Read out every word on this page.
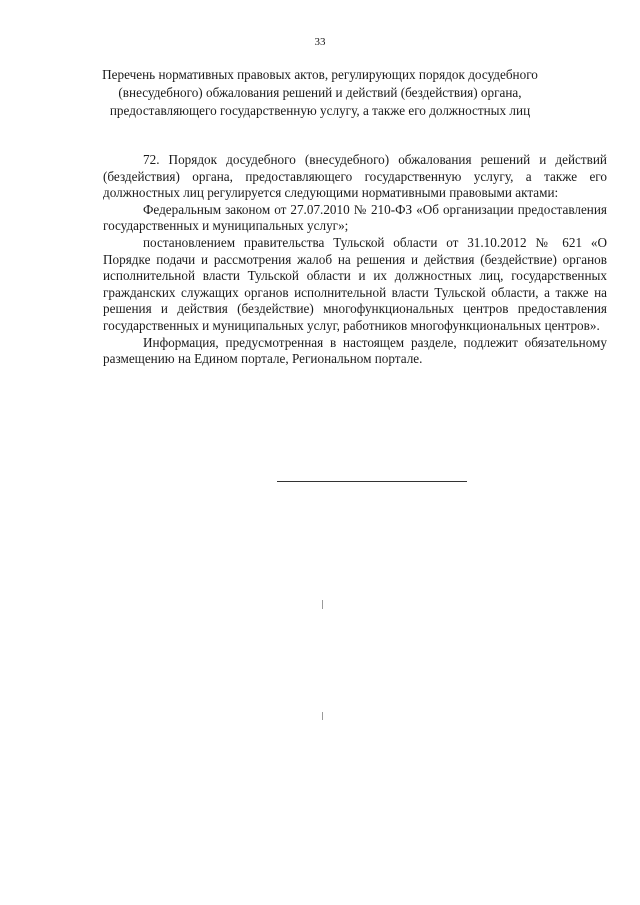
33
Перечень нормативных правовых актов, регулирующих порядок досудебного (внесудебного) обжалования решений и действий (бездействия) органа, предоставляющего государственную услугу, а также его должностных лиц

72. Порядок досудебного (внесудебного) обжалования решений и действий (бездействия) органа, предоставляющего государственную услугу, а также его должностных лиц регулируется следующими нормативными правовыми актами:

Федеральным законом от 27.07.2010 № 210-ФЗ «Об организации предоставления государственных и муниципальных услуг»;

постановлением правительства Тульской области от 31.10.2012 № 621 «О Порядке подачи и рассмотрения жалоб на решения и действия (бездействие) органов исполнительной власти Тульской области и их должностных лиц, государственных гражданских служащих органов исполнительной власти Тульской области, а также на решения и действия (бездействие) многофункциональных центров предоставления государственных и муниципальных услуг, работников многофункциональных центров».

Информация, предусмотренная в настоящем разделе, подлежит обязательному размещению на Едином портале, Региональном портале.
